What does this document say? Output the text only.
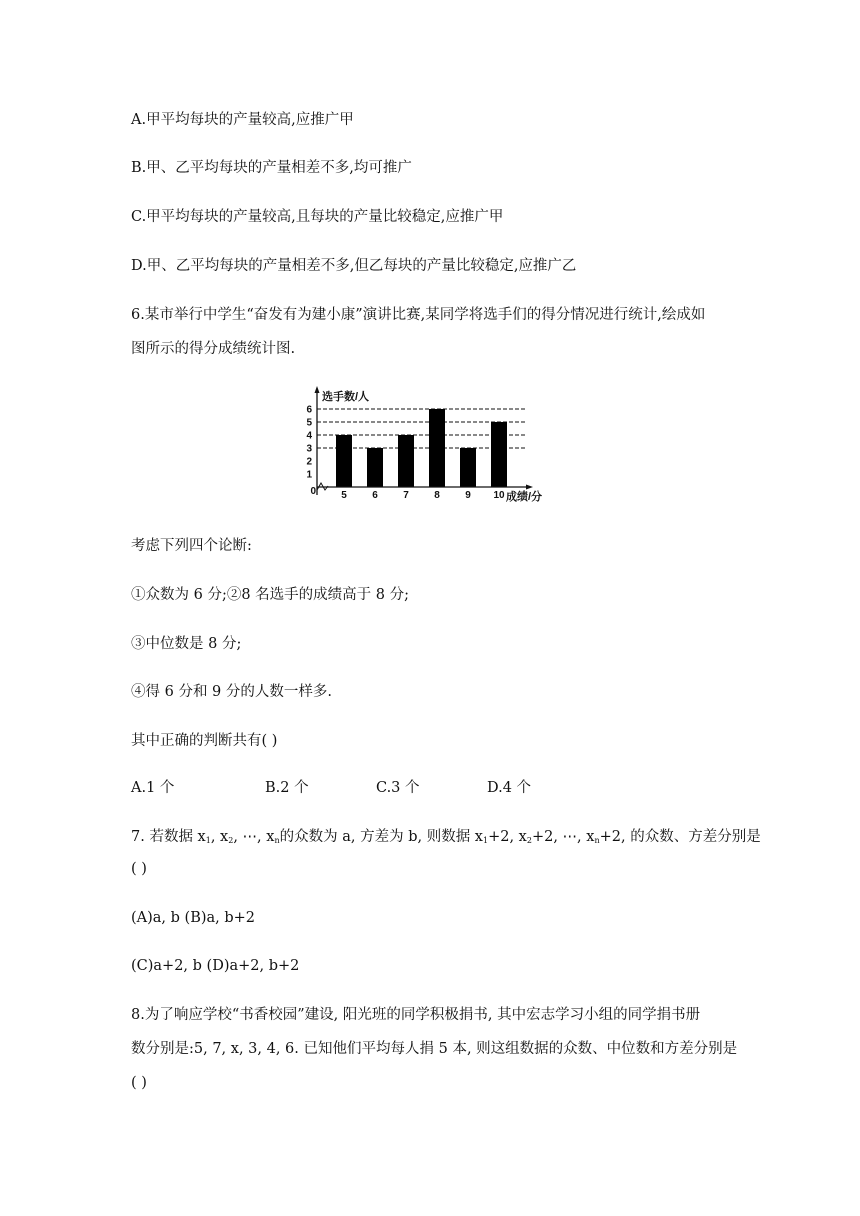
A.甲平均每块的产量较高,应推广甲
B.甲、乙平均每块的产量相差不多,均可推广
C.甲平均每块的产量较高,且每块的产量比较稳定,应推广甲
D.甲、乙平均每块的产量相差不多,但乙每块的产量比较稳定,应推广乙
6.某市举行中学生“奋发有为建小康”演讲比赛,某同学将选手们的得分情况进行统计,绘成如
图所示的得分成绩统计图.
5	6	7	8	9 10
0
1
2
3
4
5
6
选手数/人
成绩/分
考虑下列四个论断:
①众数为 6 分;②8 名选手的成绩高于 8 分;
③中位数是 8 分;
④得 6 分和 9 分的人数一样多.
其中正确的判断共有( )
A.1 个	B.2 个	C.3 个	D.4 个
7. 若数据 $x_1$, $x_2$, ⋯, $x_n$的众数为 a, 方差为 b, 则数据 $x_1+2$, $x_2+2$, ⋯, $x_n+2$, 的众数、方差分别是
( )
(A)a, b (B)a, b+2
(C)a+2, b (D)a+2, b+2
8.为了响应学校“书香校园”建设, 阳光班的同学积极捐书, 其中宏志学习小组的同学捐书册
数分别是:5, 7, x, 3, 4, 6. 已知他们平均每人捐 5 本, 则这组数据的众数、中位数和方差分别是
( )
